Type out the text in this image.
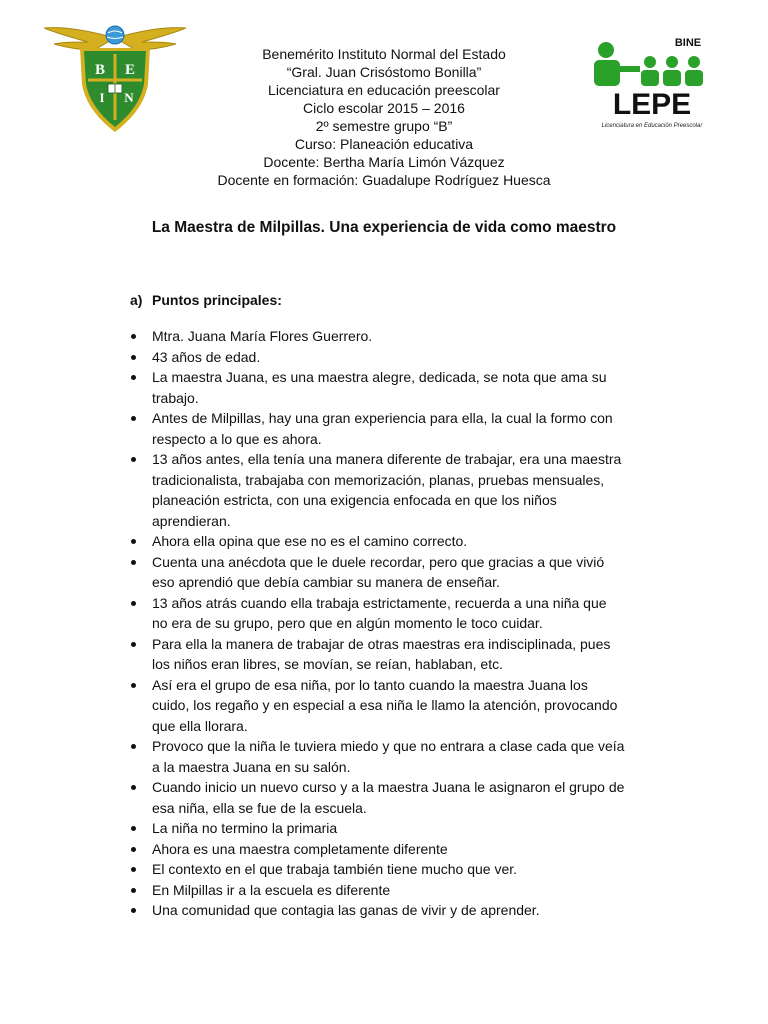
B E
I N
BINE
LEPE
Licenciatura en Educación Preescolar
Benemérito Instituto Normal del Estado
“Gral. Juan Crisóstomo Bonilla”
Licenciatura en educación preescolar
Ciclo escolar 2015 – 2016
2º semestre grupo “B”
Curso: Planeación educativa
Docente: Bertha María Limón Vázquez
Docente en formación: Guadalupe Rodríguez Huesca
La Maestra de Milpillas. Una experiencia de vida como maestro
a) Puntos principales:
Mtra. Juana María Flores Guerrero.
43 años de edad.
La maestra Juana, es una maestra alegre, dedicada, se nota que ama su
trabajo.
Antes de Milpillas, hay una gran experiencia para ella, la cual la formo con
respecto a lo que es ahora.
13 años antes, ella tenía una manera diferente de trabajar, era una maestra
tradicionalista, trabajaba con memorización, planas, pruebas mensuales,
planeación estricta, con una exigencia enfocada en que los niños
aprendieran.
Ahora ella opina que ese no es el camino correcto.
Cuenta una anécdota que le duele recordar, pero que gracias a que vivió
eso aprendió que debía cambiar su manera de enseñar.
13 años atrás cuando ella trabaja estrictamente, recuerda a una niña que
no era de su grupo, pero que en algún momento le toco cuidar.
Para ella la manera de trabajar de otras maestras era indisciplinada, pues
los niños eran libres, se movían, se reían, hablaban, etc.
Así era el grupo de esa niña, por lo tanto cuando la maestra Juana los
cuido, los regaño y en especial a esa niña le llamo la atención, provocando
que ella llorara.
Provoco que la niña le tuviera miedo y que no entrara a clase cada que veía
a la maestra Juana en su salón.
Cuando inicio un nuevo curso y a la maestra Juana le asignaron el grupo de
esa niña, ella se fue de la escuela.
La niña no termino la primaria
Ahora es una maestra completamente diferente
El contexto en el que trabaja también tiene mucho que ver.
En Milpillas ir a la escuela es diferente
Una comunidad que contagia las ganas de vivir y de aprender.
